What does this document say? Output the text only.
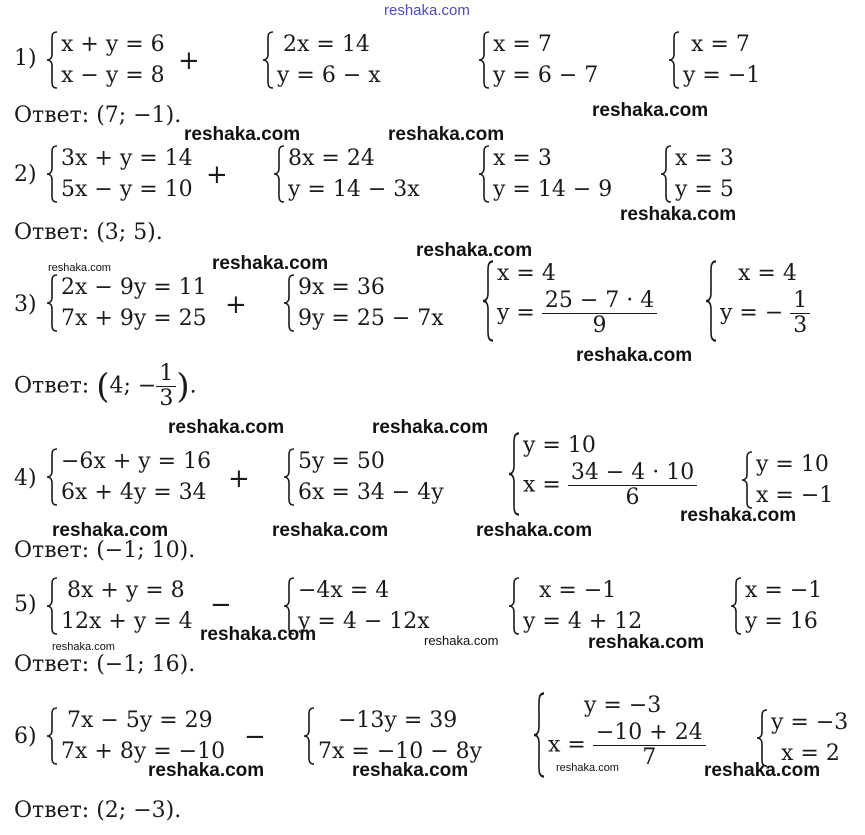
reshaka.com
1)
x + y = 6
x − y = 8 +
2x = 14
y = 6 − x
x = 7
y = 6 − 7
x = 7
y = −1
Ответ: (7; −1).	reshaka.com
reshaka.com	reshaka.com
2)
3x + y = 14
5x − y = 10 +
8x = 24
y = 14 − 3x
x = 3
y = 14 − 9
x = 3
y = 5
reshaka.com
Ответ: (3; 5).
reshaka.com
reshaka.com	reshaka.com
3)
2x − 9y = 11
7x + 9y = 25 +
9x = 36
9y = 25 − 7x
x = 4
$y = \frac{25 - 7 \cdot 4}{9}$
x = 4
y = − $\frac{1}{3}$
reshaka.com
Ответ: (4; − $\frac{1}{3}$ ).
reshaka.com	reshaka.com
4)
−6x + y = 16
6x + 4y = 34 +
5y = 50
6x = 34 − 4y
y = 10
$x = \frac{34 - 4 \cdot 10}{6}$	y = 10
x = −1
reshaka.com
reshaka.com	reshaka.com	reshaka.com
Ответ: (−1; 10).
5)
8x + y = 8
12x + y = 4
−	−4x = 4
y = 4 − 12x
x = −1
y = 4 + 12
x = −1
y = 16
reshaka.com	reshaka.com	reshaka.com
reshaka.com
Ответ: (−1; 16).
6)
7x − 5y = 29
7x + 8y = −10 −
−13y = 39
7x = −10 − 8y
y = −3
$x = \frac{-10 + 24}{7}$	y = −3
x = 2
reshaka.com
reshaka.com	reshaka.com	reshaka.com
Ответ: (2; −3).
